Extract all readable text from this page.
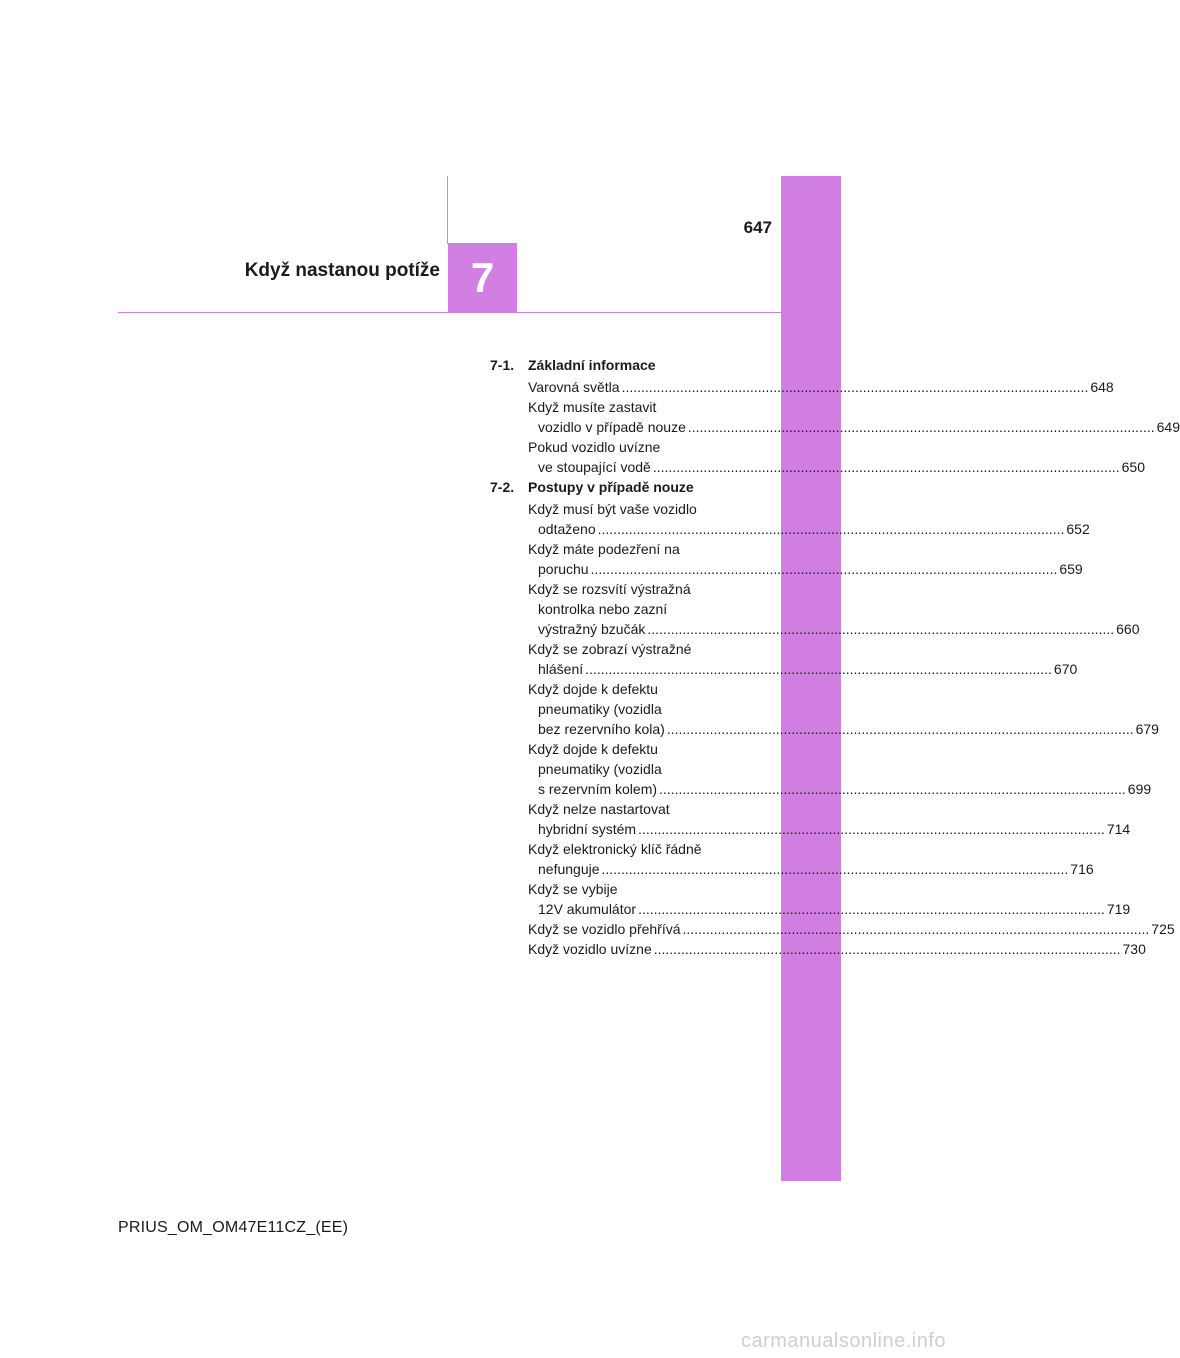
7
Když nastanou potíže
647
7-1. Základní informace
Varovná světla ........................................................................................................................ 648
Když musíte zastavit
vozidlo v případě nouze ........................................................................................................................ 649
Pokud vozidlo uvízne
ve stoupající vodě ........................................................................................................................ 650
7-2. Postupy v případě nouze
Když musí být vaše vozidlo
odtaženo ........................................................................................................................ 652
Když máte podezření na
poruchu ........................................................................................................................ 659
Když se rozsvítí výstražná
kontrolka nebo zazní
výstražný bzučák ........................................................................................................................ 660
Když se zobrazí výstražné
hlášení ........................................................................................................................ 670
Když dojde k defektu
pneumatiky (vozidla
bez rezervního kola) ........................................................................................................................ 679
Když dojde k defektu
pneumatiky (vozidla
s rezervním kolem) ........................................................................................................................ 699
Když nelze nastartovat
hybridní systém ........................................................................................................................ 714
Když elektronický klíč řádně
nefunguje ........................................................................................................................ 716
Když se vybije
12V akumulátor ........................................................................................................................ 719
Když se vozidlo přehřívá ........................................................................................................................ 725
Když vozidlo uvízne ........................................................................................................................ 730
PRIUS_OM_OM47E11CZ_(EE)
carmanualsonline.info
